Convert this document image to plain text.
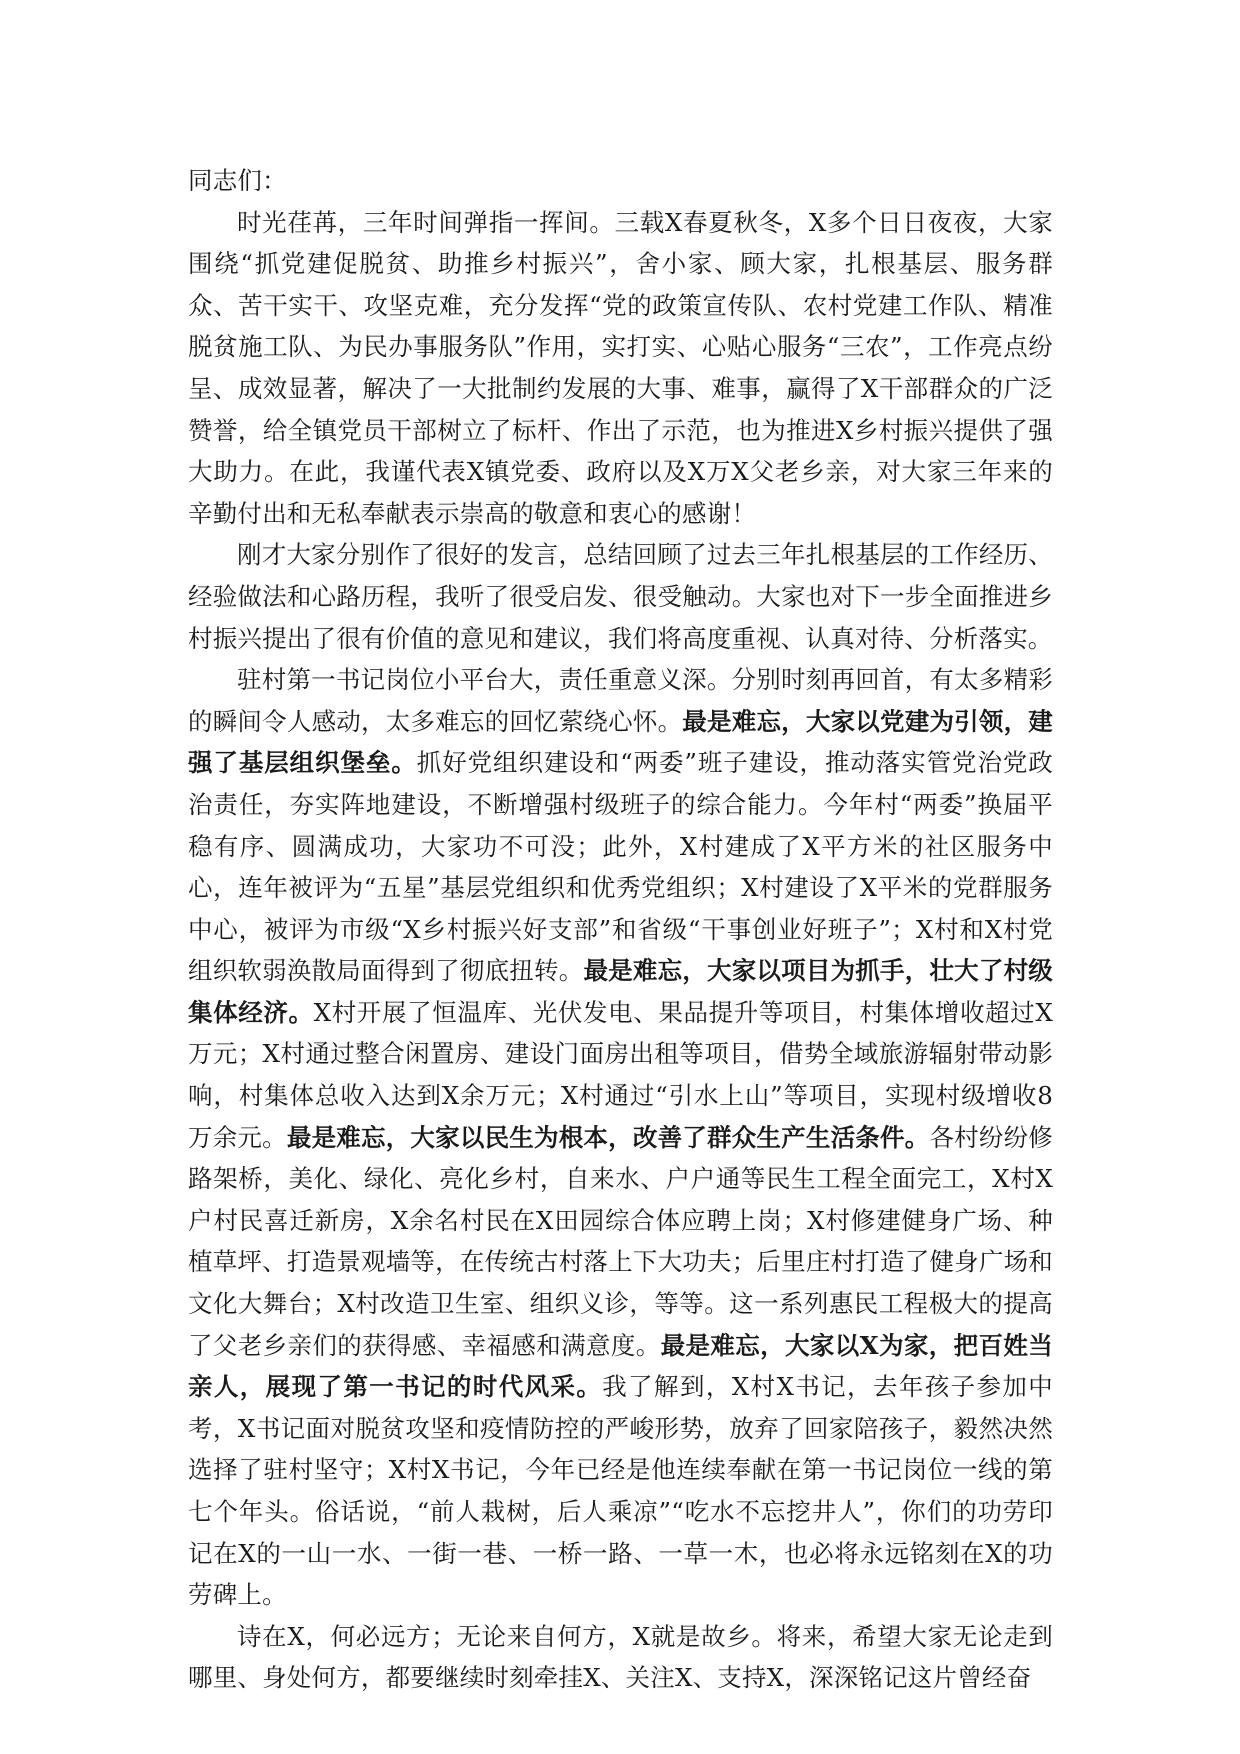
同志们：

时光荏苒，三年时间弹指一挥间。三载X春夏秋冬，X多个日日夜夜，大家围绕“抓党建促脱贫、助推乡村振兴”，舍小家、顾大家，扎根基层、服务群众、苦干实干、攻坚克难，充分发挥“党的政策宣传队、农村党建工作队、精准脱贫施工队、为民办事服务队”作用，实打实、心贴心服务“三农”，工作亮点纷呈、成效显著，解决了一大批制约发展的大事、难事，赢得了X干部群众的广泛赞誉，给全镇党员干部树立了标杆、作出了示范，也为推进X乡村振兴提供了强大助力。在此，我谨代表X镇党委、政府以及X万X父老乡亲，对大家三年来的辛勤付出和无私奉献表示崇高的敬意和衷心的感谢！

刚才大家分别作了很好的发言，总结回顾了过去三年扎根基层的工作经历、经验做法和心路历程，我听了很受启发、很受触动。大家也对下一步全面推进乡村振兴提出了很有价值的意见和建议，我们将高度重视、认真对待、分析落实。

驻村第一书记岗位小平台大，责任重意义深。分别时刻再回首，有太多精彩的瞬间令人感动，太多难忘的回忆萦绕心怀。最是难忘，大家以党建为引领，建强了基层组织堡垒。抓好党组织建设和“两委”班子建设，推动落实管党治党政治责任，夯实阵地建设，不断增强村级班子的综合能力。今年村“两委”换届平稳有序、圆满成功，大家功不可没；此外，X村建成了X平方米的社区服务中心，连年被评为“五星”基层党组织和优秀党组织；X村建设了X平米的党群服务中心，被评为市级“X乡村振兴好支部”和省级“干事创业好班子”；X村和X村党组织软弱涣散局面得到了彻底扭转。最是难忘，大家以项目为抓手，壮大了村级集体经济。X村开展了恒温库、光伏发电、果品提升等项目，村集体增收超过X万元；X村通过整合闲置房、建设门面房出租等项目，借势全域旅游辐射带动影响，村集体总收入达到X余万元；X村通过“引水上山”等项目，实现村级增收8万余元。最是难忘，大家以民生为根本，改善了群众生产生活条件。各村纷纷修路架桥，美化、绿化、亮化乡村，自来水、户户通等民生工程全面完工，X村X户村民喜迁新房，X余名村民在X田园综合体应聘上岗；X村修建健身广场、种植草坪、打造景观墙等，在传统古村落上下大功夫；后里庄村打造了健身广场和文化大舞台；X村改造卫生室、组织义诊，等等。这一系列惠民工程极大的提高了父老乡亲们的获得感、幸福感和满意度。最是难忘，大家以X为家，把百姓当亲人，展现了第一书记的时代风采。我了解到，X村X书记，去年孩子参加中考，X书记面对脱贫攻坚和疫情防控的严峻形势，放弃了回家陪孩子，毅然决然选择了驻村坚守；X村X书记，今年已经是他连续奉献在第一书记岗位一线的第七个年头。俗话说，“前人栽树，后人乘凉”“吃水不忘挖井人”，你们的功劳印记在X的一山一水、一街一巷、一桥一路、一草一木，也必将永远铭刻在X的功劳碑上。

诗在X，何必远方；无论来自何方，X就是故乡。将来，希望大家无论走到哪里、身处何方，都要继续时刻牵挂X、关注X、支持X，深深铭记这片曾经奋
